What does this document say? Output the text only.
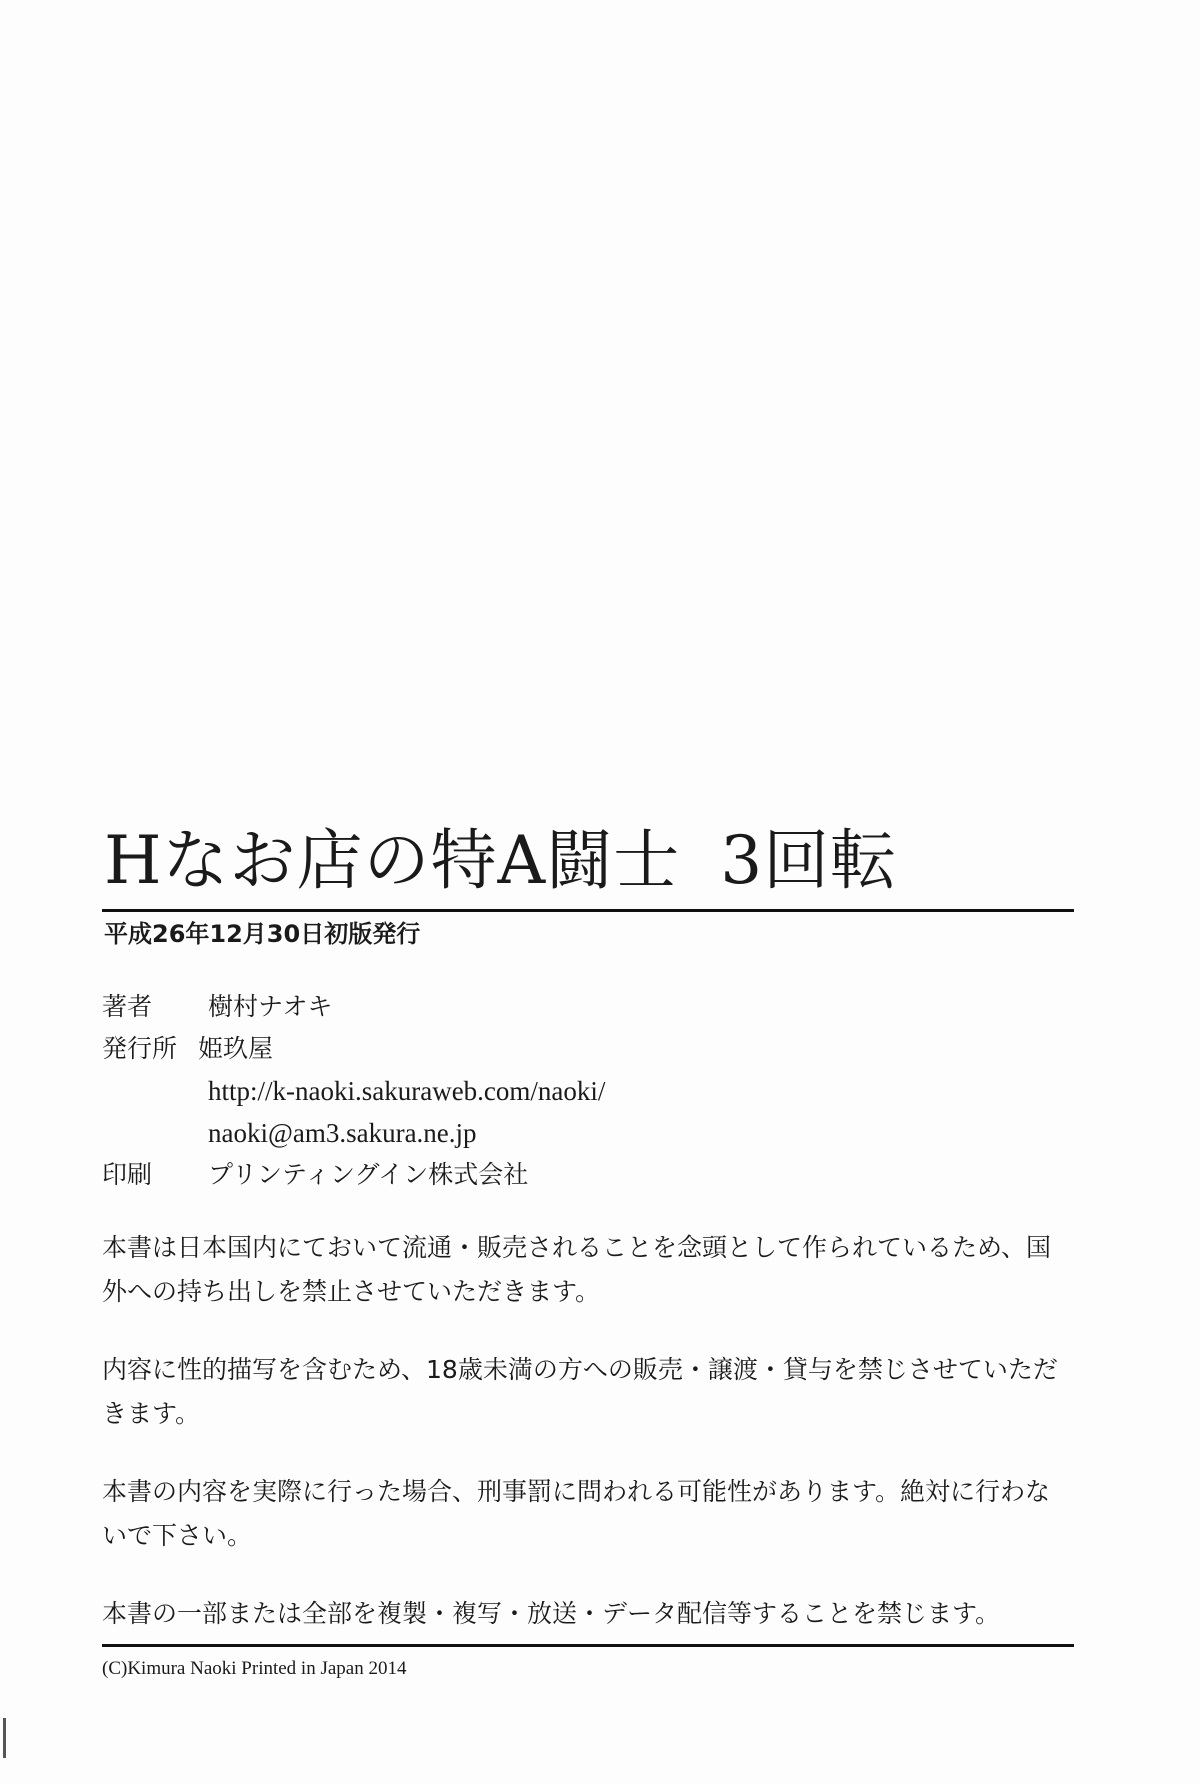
Hなお店の特A闘士 3回転
平成26年12月30日初版発行
著者	樹村ナオキ
発行所 姫玖屋
http://k-naoki.sakuraweb.com/naoki/
naoki@am3.sakura.ne.jp
印刷	プリンティングイン株式会社

本書は日本国内にておいて流通・販売されることを念頭として作られているため、国外への持ち出しを禁止させていただきます。

内容に性的描写を含むため、18歳未満の方への販売・譲渡・貸与を禁じさせていただきます。

本書の内容を実際に行った場合、刑事罰に問われる可能性があります。絶対に行わないで下さい。

本書の一部または全部を複製・複写・放送・データ配信等することを禁じます。

(C)Kimura Naoki Printed in Japan 2014
